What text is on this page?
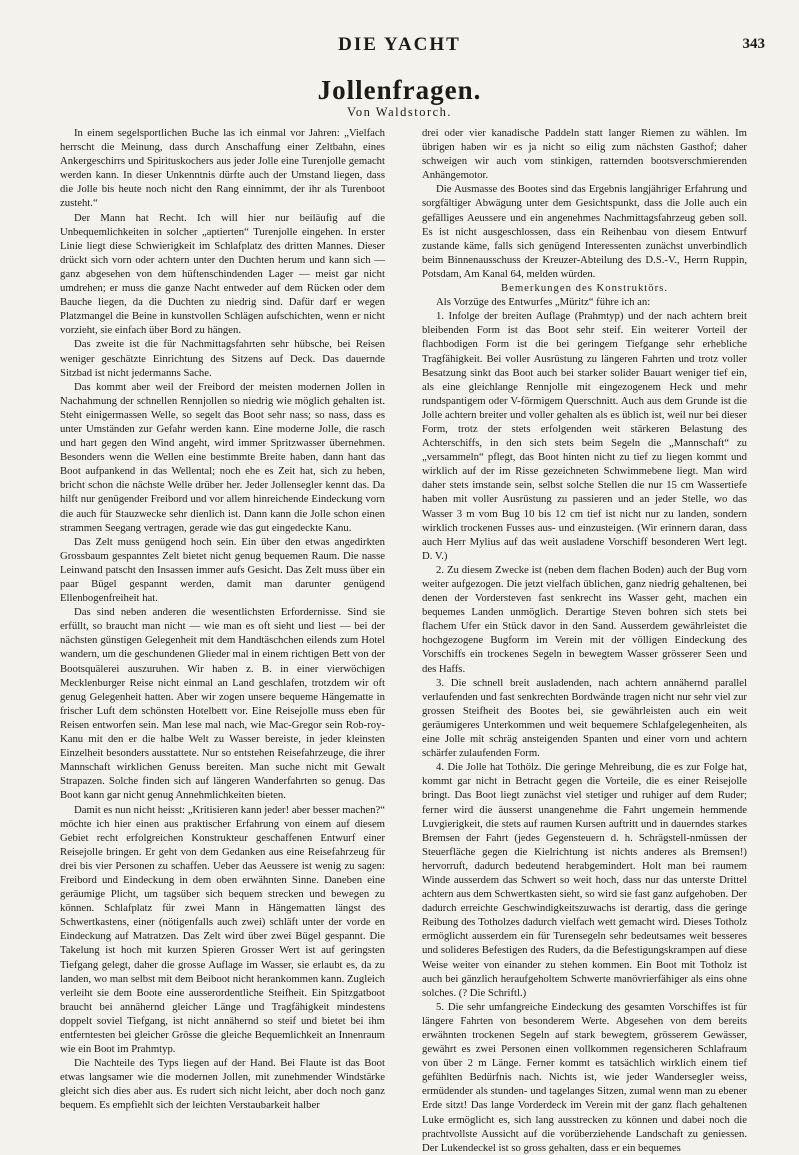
DIE YACHT	343
Jollenfragen.
Von Waldstorch.

In einem segelsportlichen Buche las ich einmal vor Jahren: „Vielfach herrscht die Meinung, dass durch Anschaffung einer Zeltbahn, eines Ankergeschirrs und Spirituskochers aus jeder Jolle eine Turenjolle gemacht werden kann. In dieser Unkenntnis dürfte auch der Umstand liegen, dass die Jolle bis heute noch nicht den Rang einnimmt, der ihr als Turenboot zusteht.“

Der Mann hat Recht. Ich will hier nur beiläufig auf die Unbequemlichkeiten in solcher „aptierten“ Turenjolle eingehen. In erster Linie liegt diese Schwierigkeit im Schlafplatz des dritten Mannes. Dieser drückt sich vorn oder achtern unter den Duchten herum und kann sich — ganz abgesehen von dem hüftenschindenden Lager — meist gar nicht umdrehen; er muss die ganze Nacht entweder auf dem Rücken oder dem Bauche liegen, da die Duchten zu niedrig sind. Dafür darf er wegen Platzmangel die Beine in kunstvollen Schlägen aufschichten, wenn er nicht vorzieht, sie einfach über Bord zu hängen.

Das zweite ist die für Nachmittagsfahrten sehr hübsche, bei Reisen weniger geschätzte Einrichtung des Sitzens auf Deck. Das dauernde Sitzbad ist nicht jedermanns Sache.

Das kommt aber weil der Freibord der meisten modernen Jollen in Nachahmung der schnellen Rennjollen so niedrig wie möglich gehalten ist. Steht einigermassen Welle, so segelt das Boot sehr nass; so nass, dass es unter Umständen zur Gefahr werden kann. Eine moderne Jolle, die rasch und hart gegen den Wind angeht, wird immer Spritzwasser übernehmen. Besonders wenn die Wellen eine bestimmte Breite haben, dann hant das Boot aufpankend in das Wellental; noch ehe es Zeit hat, sich zu heben, bricht schon die nächste Welle drüber her. Jeder Jollensegler kennt das. Da hilft nur genügender Freibord und vor allem hinreichende Eindeckung vorn die auch für Stauzwecke sehr dienlich ist. Dann kann die Jolle schon einen strammen Seegang vertragen, gerade wie das gut eingedeckte Kanu.

Das Zelt muss genügend hoch sein. Ein über den etwas angedirkten Grossbaum gespanntes Zelt bietet nicht genug bequemen Raum. Die nasse Leinwand patscht den Insassen immer aufs Gesicht. Das Zelt muss über ein paar Bügel gespannt werden, damit man darunter genügend Ellenbogenfreiheit hat.

Das sind neben anderen die wesentlichsten Erfordernisse. Sind sie erfüllt, so braucht man nicht — wie man es oft sieht und liest — bei der nächsten günstigen Gelegenheit mit dem Handtäschchen eilends zum Hotel wandern, um die geschundenen Glieder mal in einem richtigen Bett von der Bootsquälerei auszuruhen. Wir haben z. B. in einer vierwöchigen Mecklenburger Reise nicht einmal an Land geschlafen, trotzdem wir oft genug Gelegenheit hatten. Aber wir zogen unsere bequeme Hängematte in frischer Luft dem schönsten Hotelbett vor. Eine Reisejolle muss eben für Reisen entworfen sein. Man lese mal nach, wie Mac-Gregor sein Rob-roy-Kanu mit den er die halbe Welt zu Wasser bereiste, in jeder kleinsten Einzelheit besonders ausstattete. Nur so entstehen Reisefahrzeuge, die ihrer Mannschaft wirklichen Genuss bereiten. Man suche nicht mit Gewalt Strapazen. Solche finden sich auf längeren Wanderfahrten so genug. Das Boot kann gar nicht genug Annehmlichkeiten bieten.

Damit es nun nicht heisst: „Kritisieren kann jeder! aber besser machen?“ möchte ich hier einen aus praktischer Erfahrung von einem auf diesem Gebiet recht erfolgreichen Konstrukteur geschaffenen Entwurf einer Reisejolle bringen. Er geht von dem Gedanken aus eine Reisefahrzeug für drei bis vier Personen zu schaffen. Ueber das Aeussere ist wenig zu sagen: Freibord und Eindeckung in dem oben erwähnten Sinne. Daneben eine geräumige Plicht, um tagsüber sich bequem strecken und bewegen zu können. Schlafplatz für zwei Mann in Hängematten längst des Schwertkastens, einer (nötigenfalls auch zwei) schläft unter der vorde en Eindeckung auf Matratzen. Das Zelt wird über zwei Bügel gespannt. Die Takelung ist hoch mit kurzen Spieren Grosser Wert ist auf geringsten Tiefgang gelegt, daher die grosse Auflage im Wasser, sie erlaubt es, da zu landen, wo man selbst mit dem Beiboot nicht herankommen kann. Zugleich verleiht sie dem Boote eine ausserordentliche Steifheit. Ein Spitzgatboot braucht bei annähernd gleicher Länge und Tragfähigkeit mindestens doppelt soviel Tiefgang, ist nicht annähernd so steif und bietet bei ihm entferntesten bei gleicher Grösse die gleiche Bequemlichkeit an Innenraum wie ein Boot im Prahmtyp.

Die Nachteile des Typs liegen auf der Hand. Bei Flaute ist das Boot etwas langsamer wie die modernen Jollen, mit zunehmender Windstärke gleicht sich dies aber aus. Es rudert sich nicht leicht, aber doch noch ganz bequem. Es empfiehlt sich der leichten Verstaubarkeit halber

drei oder vier kanadische Paddeln statt langer Riemen zu wählen. Im übrigen haben wir es ja nicht so eilig zum nächsten Gasthof; daher schweigen wir auch vom stinkigen, ratternden bootsverschmierenden Anhängemotor.

Die Ausmasse des Bootes sind das Ergebnis langjähriger Erfahrung und sorgfältiger Abwägung unter dem Gesichtspunkt, dass die Jolle auch ein gefälliges Aeussere und ein angenehmes Nachmittagsfahrzeug geben soll. Es ist nicht ausgeschlossen, dass ein Reihenbau von diesem Entwurf zustande käme, falls sich genügend Interessenten zunächst unverbindlich beim Binnenausschuss der Kreuzer-Abteilung des D.S.-V., Herrn Ruppin, Potsdam, Am Kanal 64, melden würden.

Bemerkungen des Konstruktörs.

Als Vorzüge des Entwurfes „Müritz“ führe ich an:

1. Infolge der breiten Auflage (Prahmtyp) und der nach achtern breit bleibenden Form ist das Boot sehr steif. Ein weiterer Vorteil der flachbodigen Form ist die bei geringem Tiefgange sehr erhebliche Tragfähigkeit. Bei voller Ausrüstung zu längeren Fahrten und trotz voller Besatzung sinkt das Boot auch bei starker solider Bauart weniger tief ein, als eine gleichlange Rennjolle mit eingezogenem Heck und mehr rundspantigem oder V-förmigem Querschnitt. Auch aus dem Grunde ist die Jolle achtern breiter und voller gehalten als es üblich ist, weil nur bei dieser Form, trotz der stets erfolgenden weit stärkeren Belastung des Achterschiffs, in den sich stets beim Segeln die „Mannschaft“ zu „versammeln“ pflegt, das Boot hinten nicht zu tief zu liegen kommt und wirklich auf der im Risse gezeichneten Schwimmebene liegt. Man wird daher stets imstande sein, selbst solche Stellen die nur 15 cm Wassertiefe haben mit voller Ausrüstung zu passieren und an jeder Stelle, wo das Wasser 3 m vom Bug 10 bis 12 cm tief ist nicht nur zu landen, sondern wirklich trockenen Fusses aus- und einzusteigen. (Wir erinnern daran, dass auch Herr Mylius auf das weit ausladene Vorschiff besonderen Wert legt. D. V.)

2. Zu diesem Zwecke ist (neben dem flachen Boden) auch der Bug vorn weiter aufgezogen. Die jetzt vielfach üblichen, ganz niedrig gehaltenen, bei denen der Vordersteven fast senkrecht ins Wasser geht, machen ein bequemes Landen unmöglich. Derartige Steven bohren sich stets bei flachem Ufer ein Stück davor in den Sand. Ausserdem gewährleistet die hochgezogene Bugform im Verein mit der völligen Eindeckung des Vorschiffs ein trockenes Segeln in bewegtem Wasser grösserer Seen und des Haffs.

3. Die schnell breit ausladenden, nach achtern annähernd parallel verlaufenden und fast senkrechten Bordwände tragen nicht nur sehr viel zur grossen Steifheit des Bootes bei, sie gewährleisten auch ein weit geräumigeres Unterkommen und weit bequemere Schlafgelegenheiten, als eine Jolle mit schräg ansteigenden Spanten und einer vorn und achtern schärfer zulaufenden Form.

4. Die Jolle hat Tothölz. Die geringe Mehreibung, die es zur Folge hat, kommt gar nicht in Betracht gegen die Vorteile, die es einer Reisejolle bringt. Das Boot liegt zunächst viel stetiger und ruhiger auf dem Ruder; ferner wird die äusserst unangenehme die Fahrt ungemein hemmende Luvgierigkeit, die stets auf raumen Kursen auftritt und in dauerndes starkes Bremsen der Fahrt (jedes Gegensteuern d. h. Schrägstell-nmüssen der Steuerfläche gegen die Kielrichtung ist nichts anderes als Bremsen!) hervorruft, dadurch bedeutend herabgemindert. Holt man bei raumem Winde ausserdem das Schwert so weit hoch, dass nur das unterste Drittel achtern aus dem Schwertkasten sieht, so wird sie fast ganz aufgehoben. Der dadurch erreichte Geschwindigkeitszuwachs ist derartig, dass die geringe Reibung des Totholzes dadurch vielfach wett gemacht wird. Dieses Totholz ermöglicht ausserdem ein für Turensegeln sehr bedeutsames weit besseres und solideres Befestigen des Ruders, da die Befestigungskrampen auf diese Weise weiter von einander zu stehen kommen. Ein Boot mit Totholz ist auch bei gänzlich heraufgeholtem Schwerte manövrierfähiger als eins ohne solches. (? Die Schriftl.)

5. Die sehr umfangreiche Eindeckung des gesamten Vorschiffes ist für längere Fahrten von besonderem Werte. Abgesehen von dem bereits erwähnten trockenen Segeln auf stark bewegtem, grösserem Gewässer, gewährt es zwei Personen einen vollkommen regensicheren Schlafraum von über 2 m Länge. Ferner kommt es tatsächlich wirklich einem tief gefühlten Bedürfnis nach. Nichts ist, wie jeder Wandersegler weiss, ermüdender als stunden- und tagelanges Sitzen, zumal wenn man zu ebener Erde sitzt! Das lange Vorderdeck im Verein mit der ganz flach gehaltenen Luke ermöglicht es, sich lang ausstrecken zu können und dabei noch die prachtvollste Aussicht auf die vorüberziehende Landschaft zu geniessen. Der Lukendeckel ist so gross gehalten, dass er ein bequemes
